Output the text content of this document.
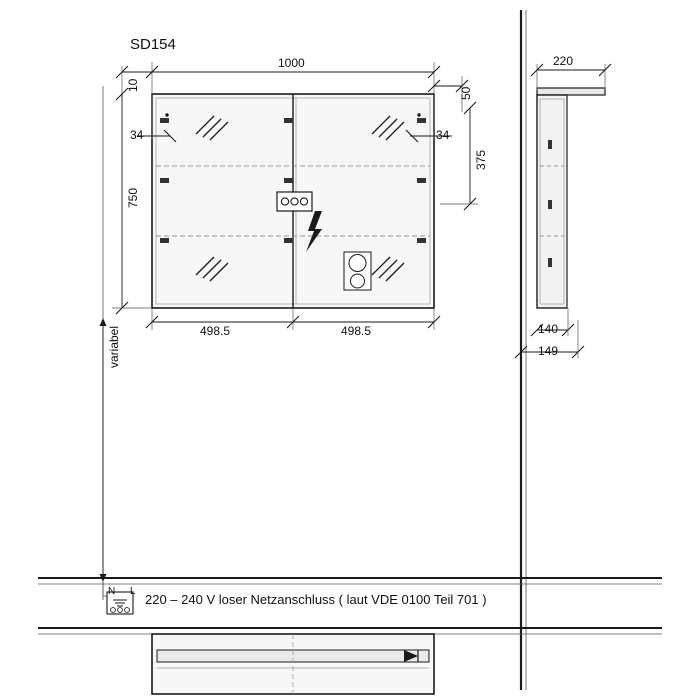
SD154
1000
10
50
34	34
750
375
498.5	498.5
variabel
220
140
149
N L
220 – 240 V loser Netzanschluss ( laut VDE 0100 Teil 701 )
